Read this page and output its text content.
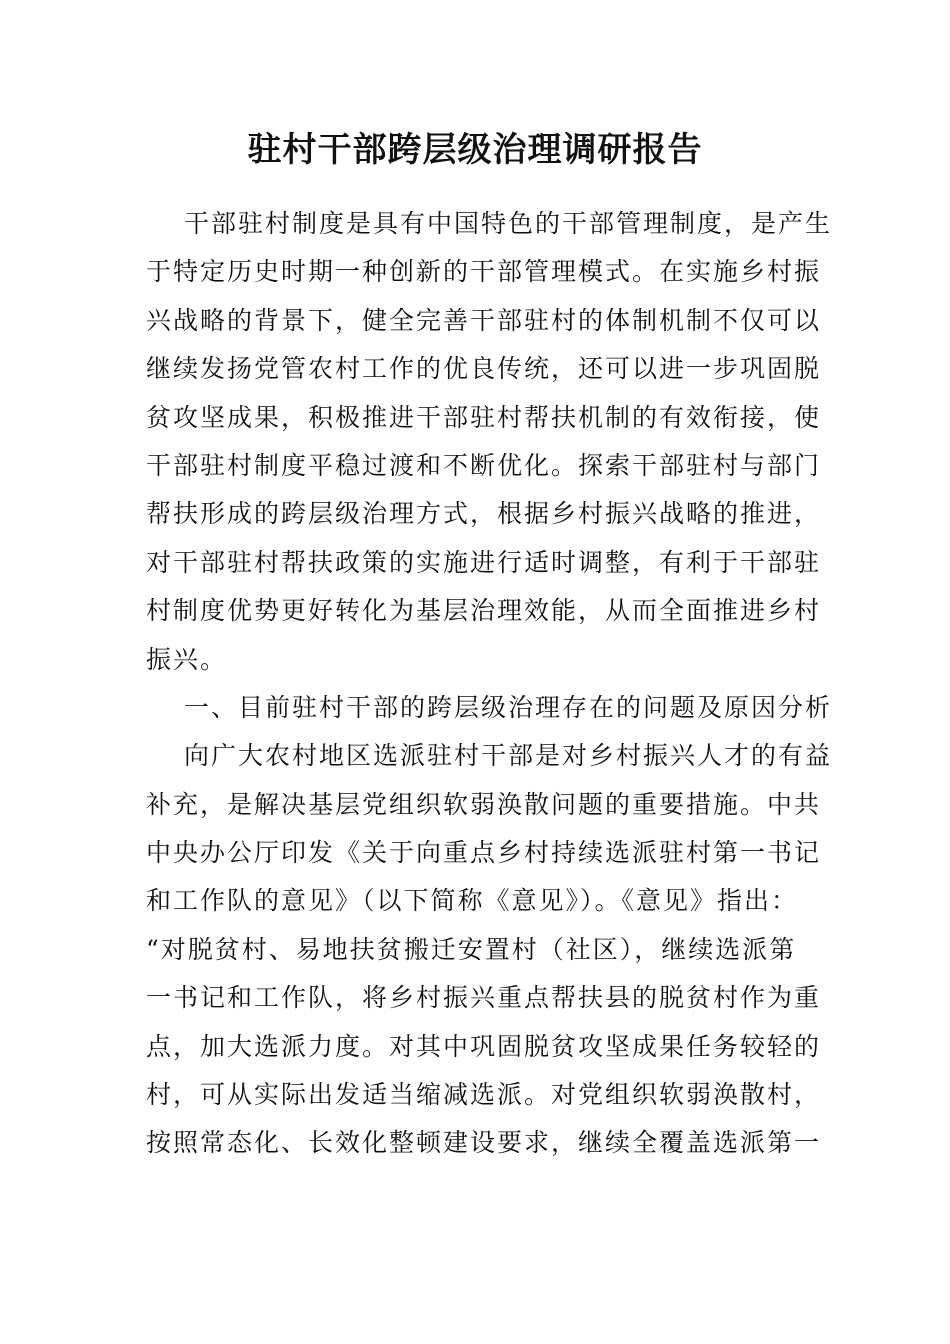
驻村干部跨层级治理调研报告
干部驻村制度是具有中国特色的干部管理制度，是产生
于特定历史时期一种创新的干部管理模式。在实施乡村振
兴战略的背景下，健全完善干部驻村的体制机制不仅可以
继续发扬党管农村工作的优良传统，还可以进一步巩固脱
贫攻坚成果，积极推进干部驻村帮扶机制的有效衔接，使
干部驻村制度平稳过渡和不断优化。探索干部驻村与部门
帮扶形成的跨层级治理方式，根据乡村振兴战略的推进，
对干部驻村帮扶政策的实施进行适时调整，有利于干部驻
村制度优势更好转化为基层治理效能，从而全面推进乡村
振兴。
一、目前驻村干部的跨层级治理存在的问题及原因分析
向广大农村地区选派驻村干部是对乡村振兴人才的有益
补充，是解决基层党组织软弱涣散问题的重要措施。中共
中央办公厅印发《关于向重点乡村持续选派驻村第一书记
和工作队的意见》（以下简称《意见》）。《意见》指出：
“对脱贫村、易地扶贫搬迁安置村（社区），继续选派第
一书记和工作队，将乡村振兴重点帮扶县的脱贫村作为重
点，加大选派力度。对其中巩固脱贫攻坚成果任务较轻的
村，可从实际出发适当缩减选派。对党组织软弱涣散村，
按照常态化、长效化整顿建设要求，继续全覆盖选派第一
